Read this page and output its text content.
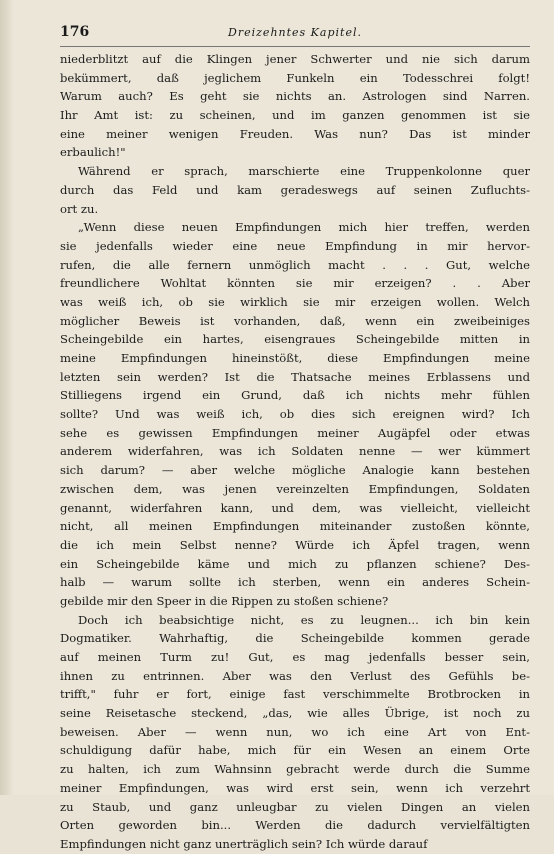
176	Dreizehntes Kapitel.
niederblitzt auf die Klingen jener Schwerter und nie sich darum
bekümmert, daß jeglichem Funkeln ein Todesschrei folgt!
Warum auch? Es geht sie nichts an. Astrologen sind Narren.
Ihr Amt ist: zu scheinen, und im ganzen genommen ist sie
eine meiner wenigen Freuden. Was nun? Das ist minder
erbaulich!"
Während er sprach, marschierte eine Truppenkolonne quer
durch das Feld und kam geradeswegs auf seinen Zufluchts-
ort zu.
„Wenn diese neuen Empfindungen mich hier treffen, werden
sie jedenfalls wieder eine neue Empfindung in mir hervor-
rufen, die alle fernern unmöglich macht . . . Gut, welche
freundlichere Wohltat könnten sie mir erzeigen? . . Aber
was weiß ich, ob sie wirklich sie mir erzeigen wollen. Welch
möglicher Beweis ist vorhanden, daß, wenn ein zweibeiniges
Scheingebilde ein hartes, eisengraues Scheingebilde mitten in
meine Empfindungen hineinstößt, diese Empfindungen meine
letzten sein werden? Ist die Thatsache meines Erblassens und
Stilliegens irgend ein Grund, daß ich nichts mehr fühlen
sollte? Und was weiß ich, ob dies sich ereignen wird? Ich
sehe es gewissen Empfindungen meiner Augäpfel oder etwas
anderem widerfahren, was ich Soldaten nenne — wer kümmert
sich darum? — aber welche mögliche Analogie kann bestehen
zwischen dem, was jenen vereinzelten Empfindungen, Soldaten
genannt, widerfahren kann, und dem, was vielleicht, vielleicht
nicht, all meinen Empfindungen miteinander zustoßen könnte,
die ich mein Selbst nenne? Würde ich Äpfel tragen, wenn
ein Scheingebilde käme und mich zu pflanzen schiene? Des-
halb — warum sollte ich sterben, wenn ein anderes Schein-
gebilde mir den Speer in die Rippen zu stoßen schiene?
Doch ich beabsichtige nicht, es zu leugnen... ich bin kein
Dogmatiker. Wahrhaftig, die Scheingebilde kommen gerade
auf meinen Turm zu! Gut, es mag jedenfalls besser sein,
ihnen zu entrinnen. Aber was den Verlust des Gefühls be-
trifft," fuhr er fort, einige fast verschimmelte Brotbrocken in
seine Reisetasche steckend, „das, wie alles Übrige, ist noch zu
beweisen. Aber — wenn nun, wo ich eine Art von Ent-
schuldigung dafür habe, mich für ein Wesen an einem Orte
zu halten, ich zum Wahnsinn gebracht werde durch die Summe
meiner Empfindungen, was wird erst sein, wenn ich verzehrt
zu Staub, und ganz unleugbar zu vielen Dingen an vielen
Orten geworden bin... Werden die dadurch vervielfältigten
Empfindungen nicht ganz unerträglich sein? Ich würde darauf
